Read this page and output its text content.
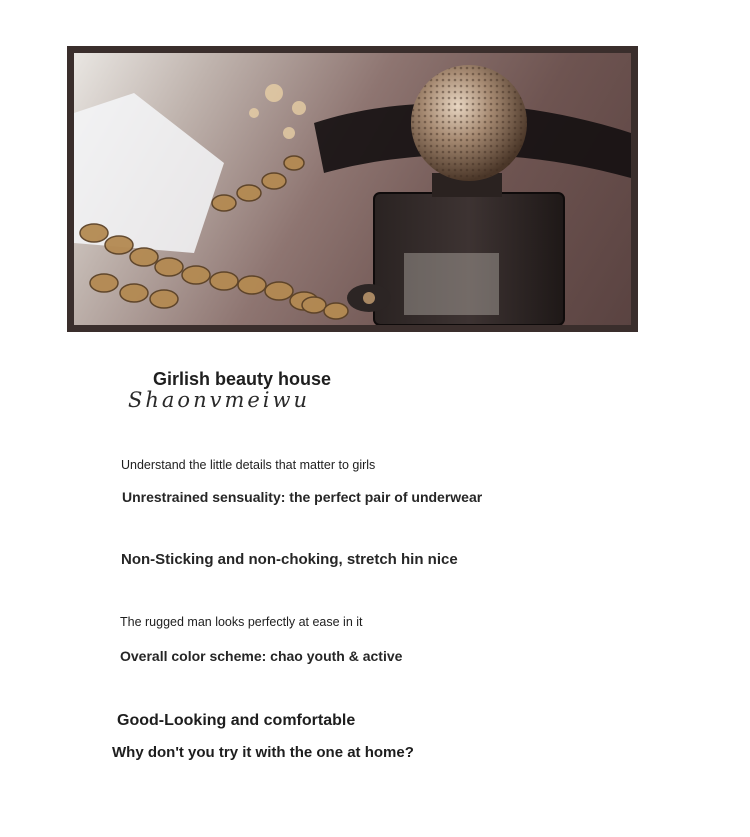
Girlish beauty house
Shaonvmeiwu
Understand the little details that matter to girls
Unrestrained sensuality: the perfect pair of underwear
Non-Sticking and non-choking, stretch hin nice
The rugged man looks perfectly at ease in it
Overall color scheme: chao youth & active
Good-Looking and comfortable
Why don't you try it with the one at home?
